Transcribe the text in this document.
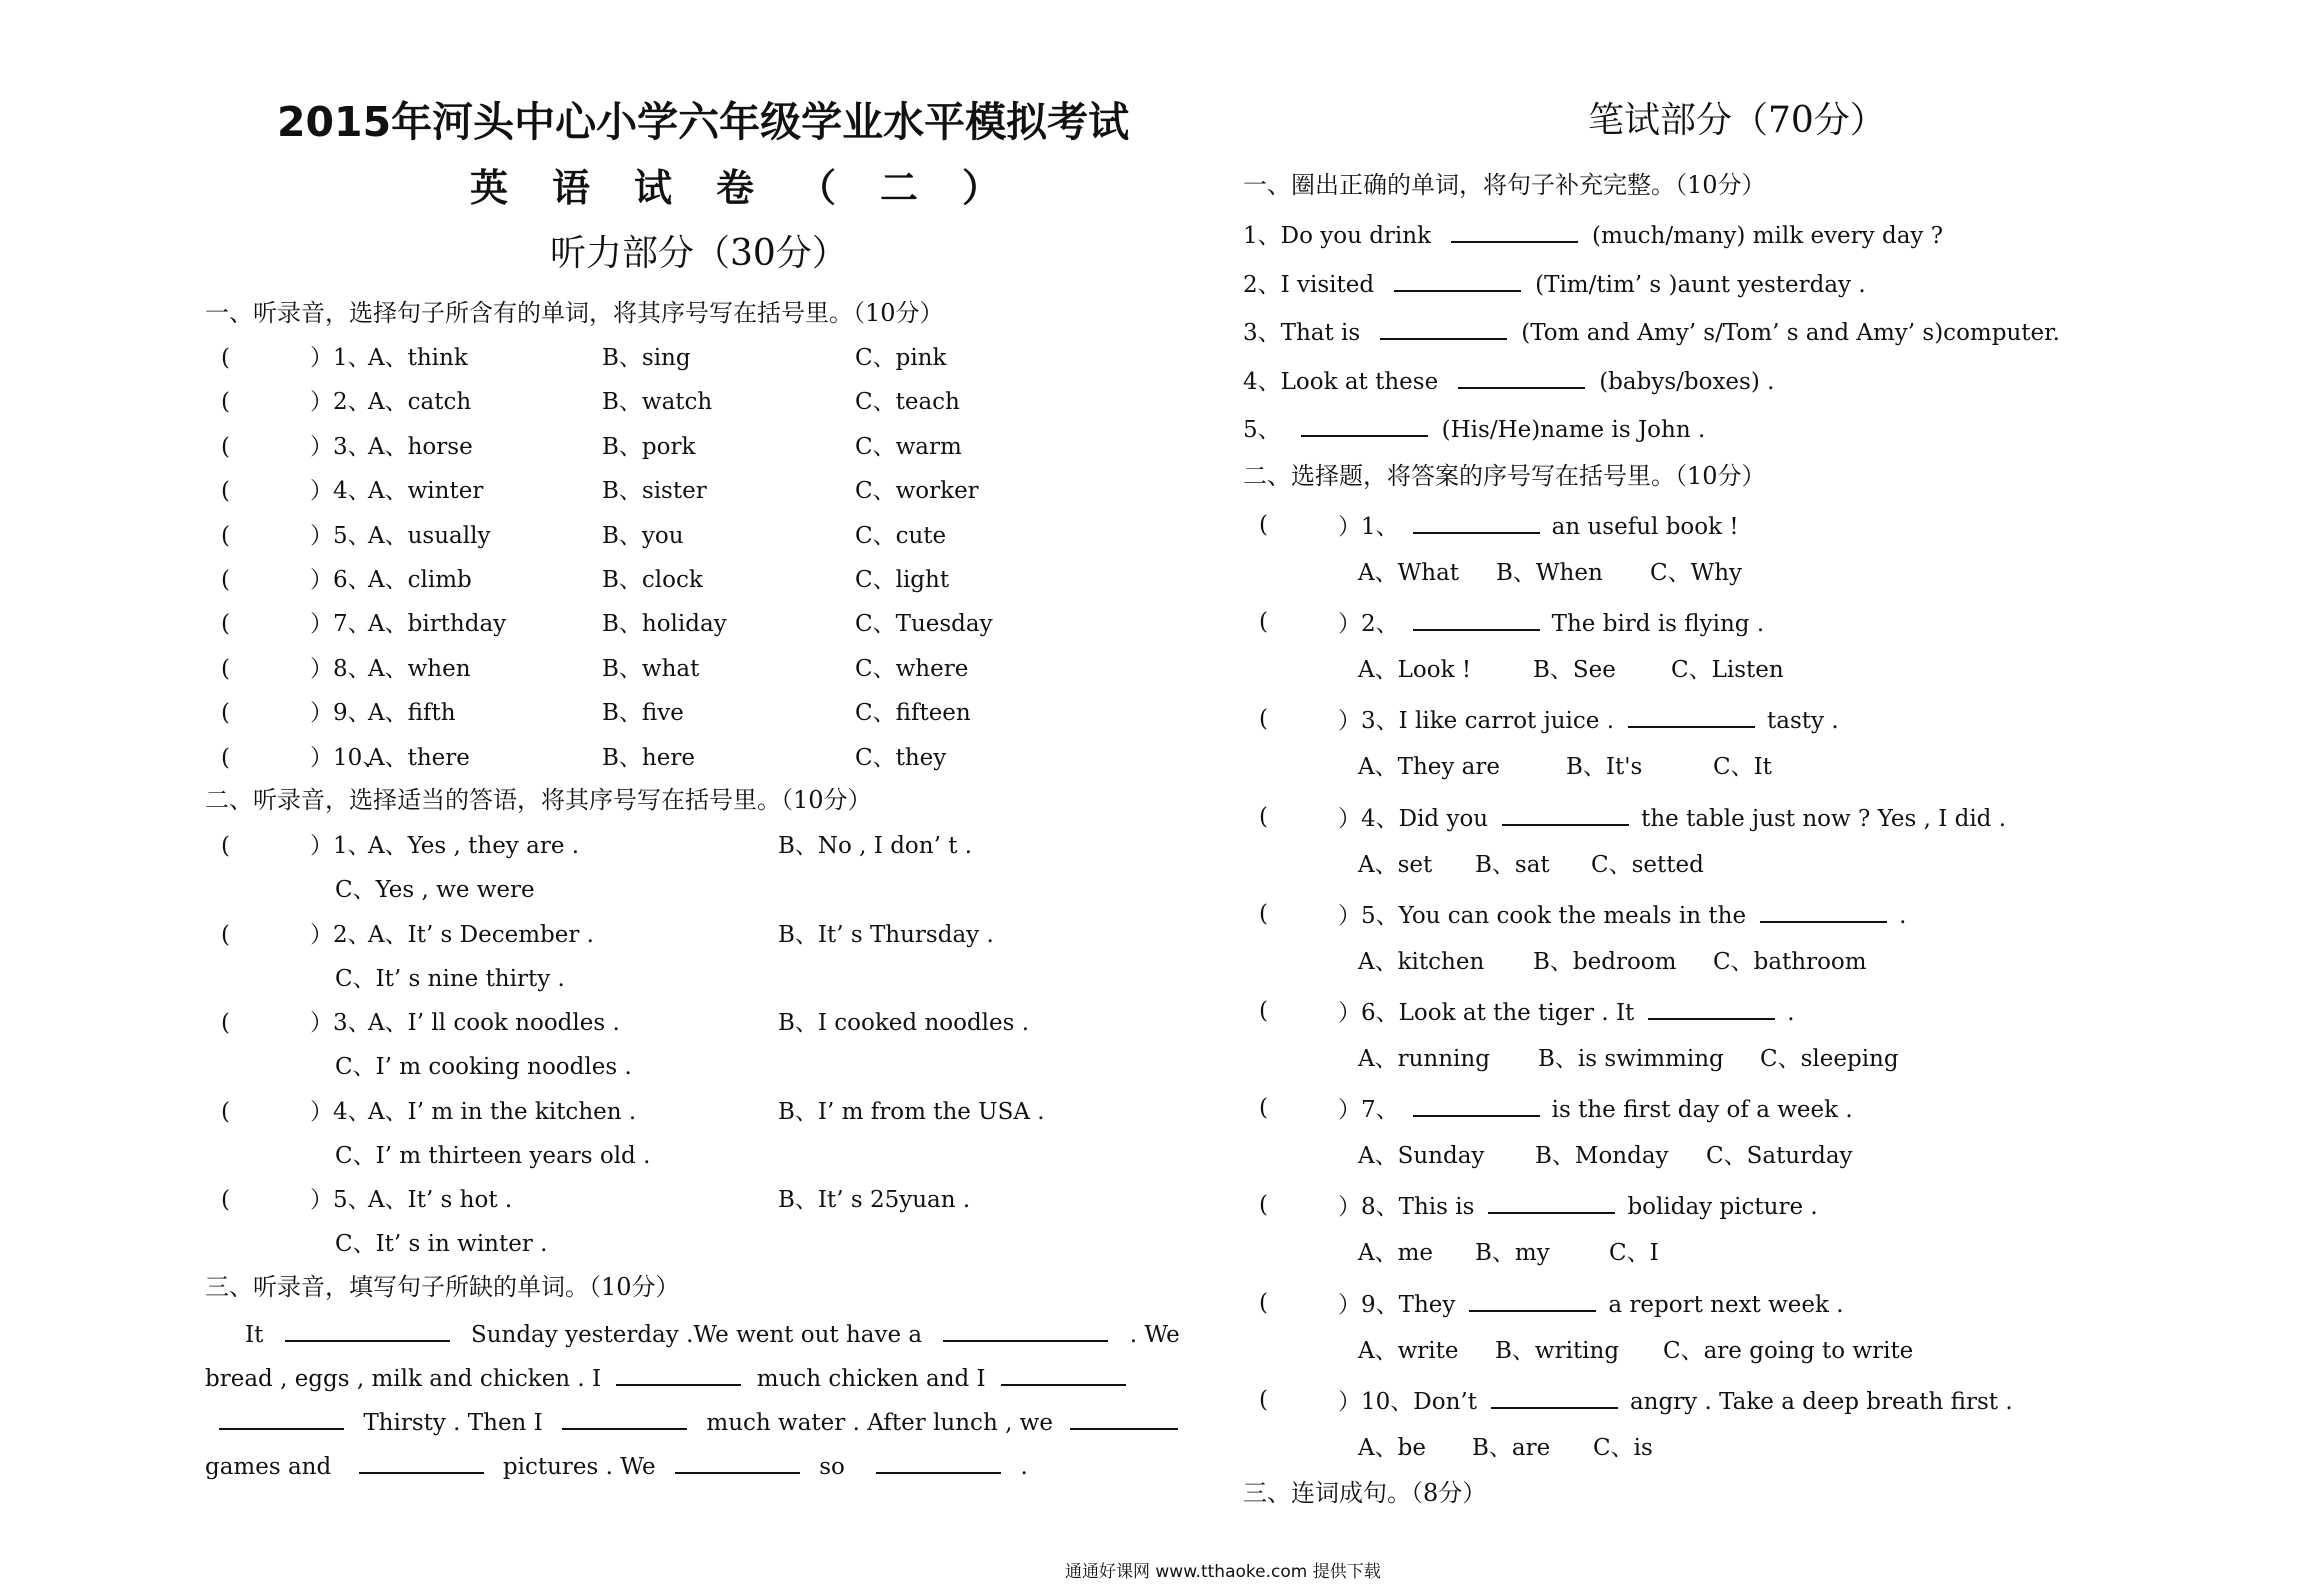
2015年河头中心小学六年级学业水平模拟考试
英语试卷（二）
听力部分（30分）
一、听录音，选择句子所含有的单词，将其序号写在括号里。（10分）
(	）1、
A、think	B、sing	C、pink
(	）2、
A、catch	B、watch	C、teach
(	）3、
A、horse	B、pork	C、warm
(	）4、
A、winter	B、sister	C、worker
(	）5、
A、usually	B、you	C、cute
(	）6、
A、climb	B、clock	C、light
(	）7、
A、birthday	B、holiday	C、Tuesday
(	）8、
A、when	B、what	C、where
(	）9、
A、fifth	B、five	C、fifteen
(	）10、
A、there	B、here	C、they
二、听录音，选择适当的答语，将其序号写在括号里。（10分）
(	）1、
A、Yes , they are .	B、No , I don’ t .
C、Yes , we were
(	）2、
A、It’ s December .	B、It’ s Thursday .
C、It’ s nine thirty .
(	）3、
A、I’ ll cook noodles .	B、I cooked noodles .
C、I’ m cooking noodles .
(	）4、
A、I’ m in the kitchen .	B、I’ m from the USA .
C、I’ m thirteen years old .
(	）5、
A、It’ s hot .	B、It’ s 25yuan .
C、It’ s in winter .
三、听录音，填写句子所缺的单词。（10分）
It	Sunday yesterday .We went out have a	. We
bread , eggs , milk and chicken . I	much chicken and I
Thirsty . Then I	much water . After lunch , we
games and	pictures . We	so	.
笔试部分（70分）
一、圈出正确的单词，将句子补充完整。（10分）
1、Do you drink	(much/many) milk every day ?
2、I visited	(Tim/tim’ s )aunt yesterday .
3、That is	(Tom and Amy’ s/Tom’ s and Amy’ s)computer.
4、Look at these	(babys/boxes) .
5、	(His/He)name is John .
二、选择题，将答案的序号写在括号里。（10分）
(	）1、	an useful book !
A、What B、When C、Why
(	）2、	The bird is flying .
A、Look !	B、See C、Listen
(	）3、I like carrot juice .	tasty .
A、They are	B、It's	C、It
(	）4、Did you	the table just now ? Yes , I did .
A、set B、sat C、setted
(	）5、You can cook the meals in the	.
A、kitchen B、bedroom C、bathroom
(	）6、Look at the tiger . It	.
A、running B、is swimming C、sleeping
(	）7、	is the first day of a week .
A、Sunday B、Monday C、Saturday
(	）8、This is	boliday picture .
A、me B、my	C、I
(	）9、They	a report next week .
A、write B、writing C、are going to write
(	）10、Don’t	angry . Take a deep breath first .
A、be B、are C、is
三、连词成句。（8分）
通通好课网 www.tthaoke.com 提供下载
